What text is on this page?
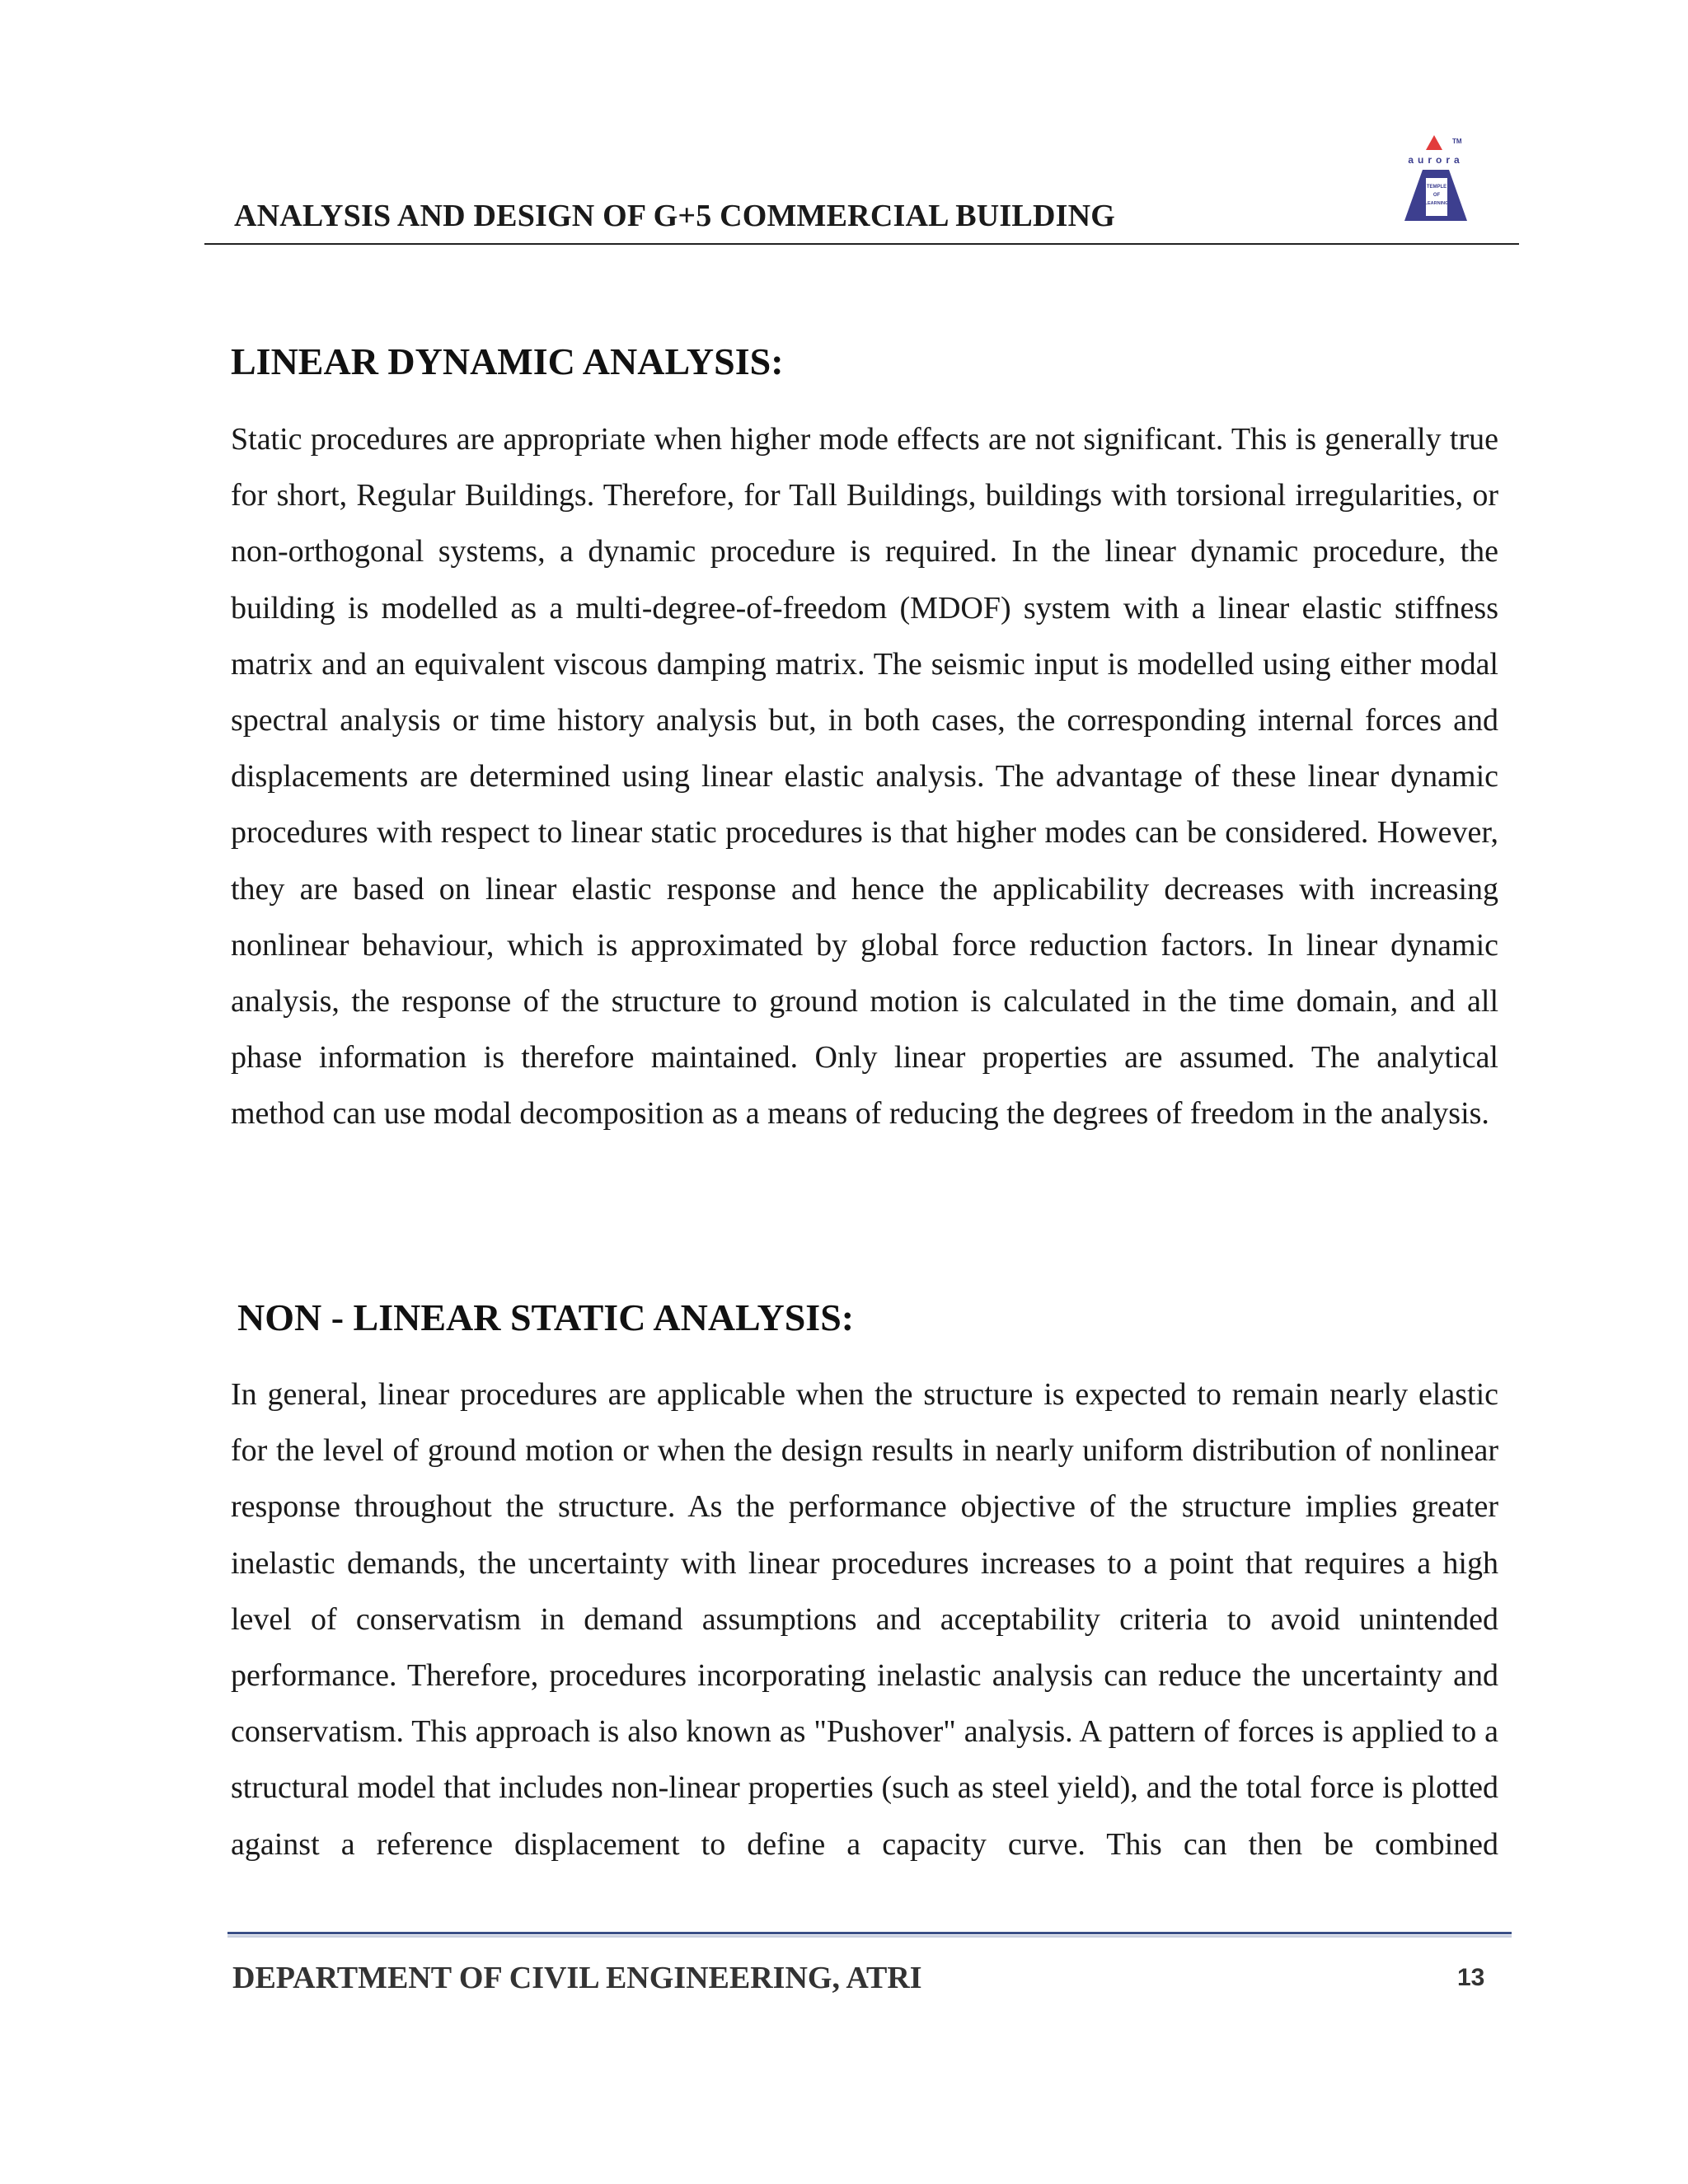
ANALYSIS AND DESIGN OF G+5 COMMERCIAL BUILDING
TM
aurora
TEMPLE
OF
LEARNING
LINEAR DYNAMIC ANALYSIS:

Static procedures are appropriate when higher mode effects are not significant. This is generally true for short, Regular Buildings. Therefore, for Tall Buildings, buildings with torsional irregularities, or non-orthogonal systems, a dynamic procedure is required. In the linear dynamic procedure, the building is modelled as a multi-degree-of-freedom (MDOF) system with a linear elastic stiffness matrix and an equivalent viscous damping matrix. The seismic input is modelled using either modal spectral analysis or time history analysis but, in both cases, the corresponding internal forces and displacements are determined using linear elastic analysis. The advantage of these linear dynamic procedures with respect to linear static procedures is that higher modes can be considered. However, they are based on linear elastic response and hence the applicability decreases with increasing nonlinear behaviour, which is approximated by global force reduction factors. In linear dynamic analysis, the response of the structure to ground motion is calculated in the time domain, and all phase information is therefore maintained. Only linear properties are assumed. The analytical method can use modal decomposition as a means of reducing the degrees of freedom in the analysis.

NON - LINEAR STATIC ANALYSIS:

In general, linear procedures are applicable when the structure is expected to remain nearly elastic for the level of ground motion or when the design results in nearly uniform distribution of nonlinear response throughout the structure. As the performance objective of the structure implies greater inelastic demands, the uncertainty with linear procedures increases to a point that requires a high level of conservatism in demand assumptions and acceptability criteria to avoid unintended performance. Therefore, procedures incorporating inelastic analysis can reduce the uncertainty and conservatism. This approach is also known as "Pushover" analysis. A pattern of forces is applied to a structural model that includes non-linear properties (such as steel yield), and the total force is plotted against a reference displacement to define a capacity curve. This can then be combined

DEPARTMENT OF CIVIL ENGINEERING, ATRI	13
